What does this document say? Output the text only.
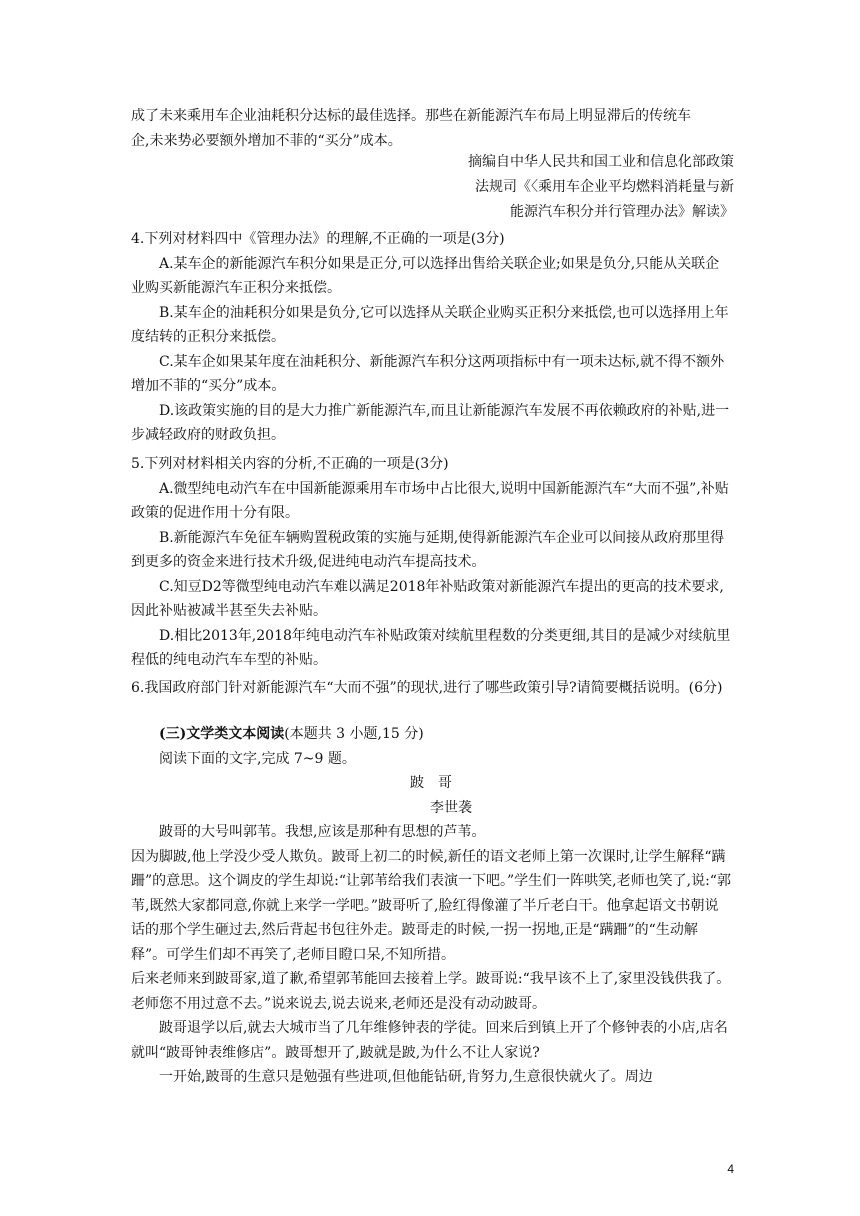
成了未来乘用车企业油耗积分达标的最佳选择。那些在新能源汽车布局上明显滞后的传统车

企,未来势必要额外增加不菲的“买分”成本。

摘编自中华人民共和国工业和信息化部政策

法规司《〈乘用车企业平均燃料消耗量与新

能源汽车积分并行管理办法》解读》

4.下列对材料四中《管理办法》的理解,不正确的一项是(3分)

A.某车企的新能源汽车积分如果是正分,可以选择出售给关联企业;如果是负分,只能从关联企业购买新能源汽车正积分来抵偿。

B.某车企的油耗积分如果是负分,它可以选择从关联企业购买正积分来抵偿,也可以选择用上年度结转的正积分来抵偿。

C.某车企如果某年度在油耗积分、新能源汽车积分这两项指标中有一项未达标,就不得不额外增加不菲的“买分”成本。

D.该政策实施的目的是大力推广新能源汽车,而且让新能源汽车发展不再依赖政府的补贴,进一步减轻政府的财政负担。

5.下列对材料相关内容的分析,不正确的一项是(3分)

A.微型纯电动汽车在中国新能源乘用车市场中占比很大,说明中国新能源汽车“大而不强”,补贴政策的促进作用十分有限。

B.新能源汽车免征车辆购置税政策的实施与延期,使得新能源汽车企业可以间接从政府那里得到更多的资金来进行技术升级,促进纯电动汽车提高技术。

C.知豆D2等微型纯电动汽车难以满足2018年补贴政策对新能源汽车提出的更高的技术要求,因此补贴被减半甚至失去补贴。

D.相比2013年,2018年纯电动汽车补贴政策对续航里程数的分类更细,其目的是减少对续航里程低的纯电动汽车车型的补贴。

6.我国政府部门针对新能源汽车“大而不强”的现状,进行了哪些政策引导?请简要概括说明。(6分)

(三)文学类文本阅读(本题共 3 小题,15 分)

阅读下面的文字,完成 7~9 题。

跛　哥

李世袭

跛哥的大号叫郭苇。我想,应该是那种有思想的芦苇。

因为脚跛,他上学没少受人欺负。跛哥上初二的时候,新任的语文老师上第一次课时,让学生解释“蹒跚”的意思。这个调皮的学生却说:“让郭苇给我们表演一下吧。”学生们一阵哄笑,老师也笑了,说:“郭苇,既然大家都同意,你就上来学一学吧。”跛哥听了,脸红得像灌了半斤老白干。他拿起语文书朝说话的那个学生砸过去,然后背起书包往外走。跛哥走的时候,一拐一拐地,正是“蹒跚”的“生动解释”。可学生们却不再笑了,老师目瞪口呆,不知所措。

后来老师来到跛哥家,道了歉,希望郭苇能回去接着上学。跛哥说:“我早该不上了,家里没钱供我了。老师您不用过意不去。”说来说去,说去说来,老师还是没有动动跛哥。

跛哥退学以后,就去大城市当了几年维修钟表的学徒。回来后到镇上开了个修钟表的小店,店名就叫“跛哥钟表维修店”。跛哥想开了,跛就是跛,为什么不让人家说?

一开始,跛哥的生意只是勉强有些进项,但他能钻研,肯努力,生意很快就火了。周边

4
